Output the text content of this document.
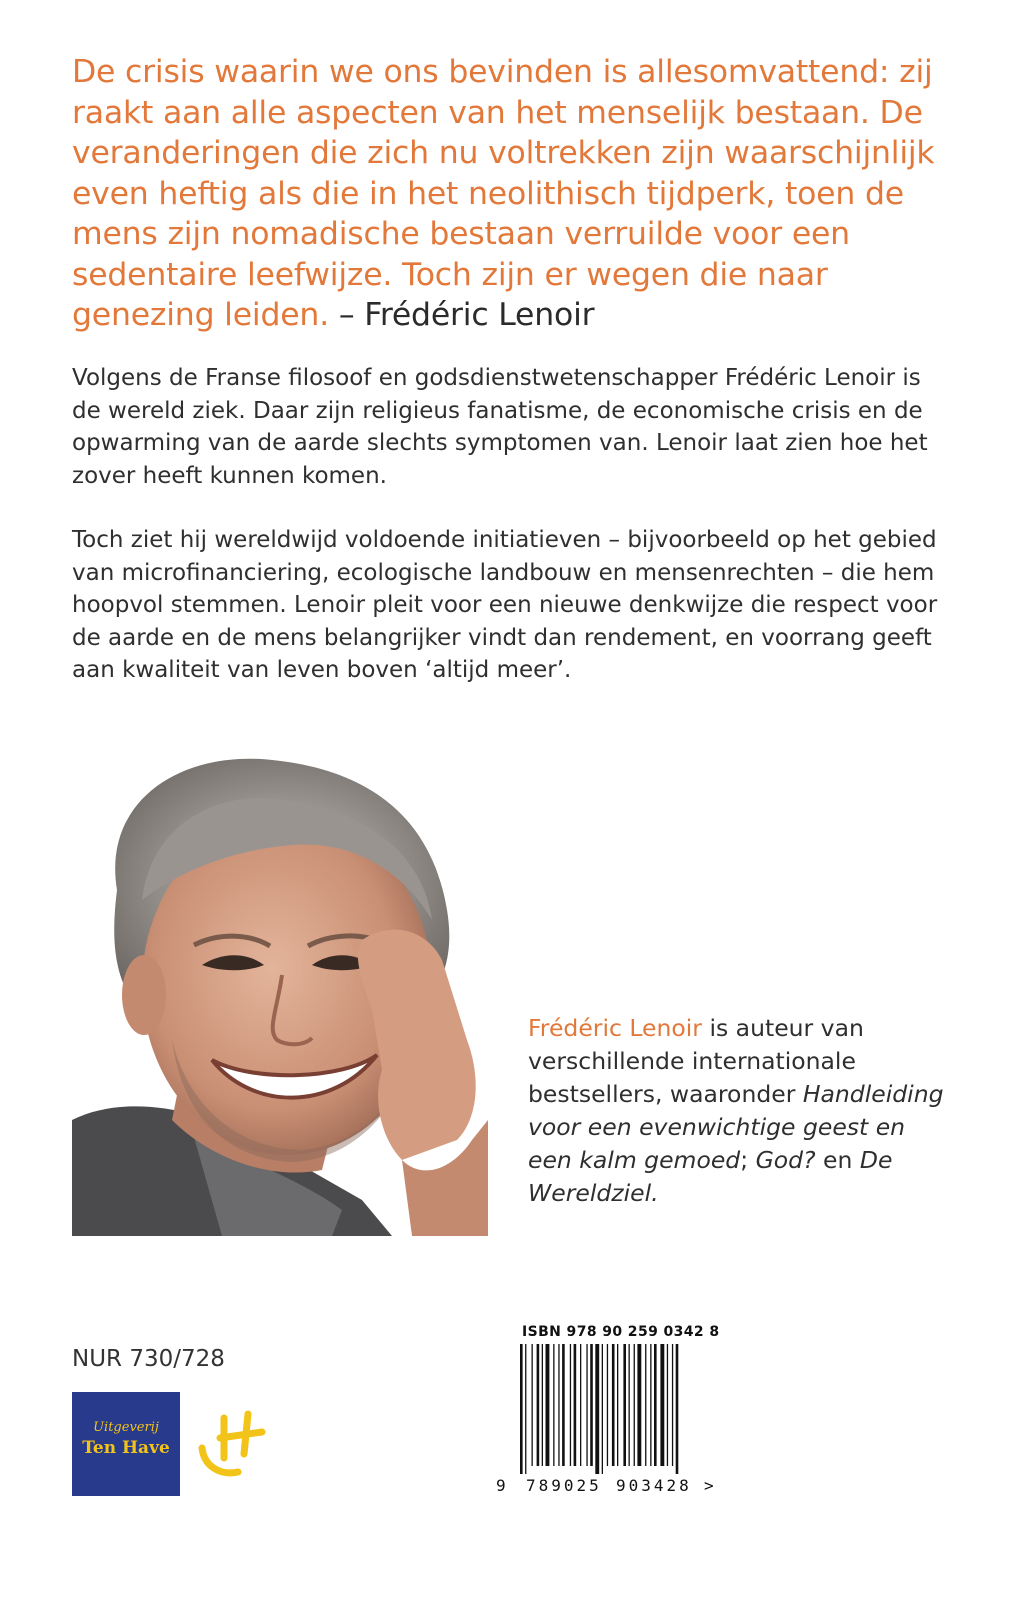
De crisis waarin we ons bevinden is allesomvattend: zij raakt aan alle aspecten van het menselijk bestaan. De veranderingen die zich nu voltrekken zijn waarschijnlijk even heftig als die in het neolithisch tijdperk, toen de mens zijn nomadische bestaan verruilde voor een sedentaire leefwijze. Toch zijn er wegen die naar genezing leiden. – Frédéric Lenoir

Volgens de Franse filosoof en godsdienstwetenschapper Frédéric Lenoir is de wereld ziek. Daar zijn religieus fanatisme, de economische crisis en de opwarming van de aarde slechts symptomen van. Lenoir laat zien hoe het zover heeft kunnen komen.

Toch ziet hij wereldwijd voldoende initiatieven – bijvoorbeeld op het gebied van microfinanciering, ecologische landbouw en mensenrechten – die hem hoopvol stemmen. Lenoir pleit voor een nieuwe denkwijze die respect voor de aarde en de mens belangrijker vindt dan rendement, en voorrang geeft aan kwaliteit van leven boven ‘altijd meer’.

Frédéric Lenoir is auteur van verschillende internationale bestsellers, waaronder Handleiding voor een evenwichtige geest en een kalm gemoed; God? en De Wereldziel.

NUR 730/728
Uitgeverij
Ten Have
ISBN 978 90 259 0342 8
9 789025 903428 >
